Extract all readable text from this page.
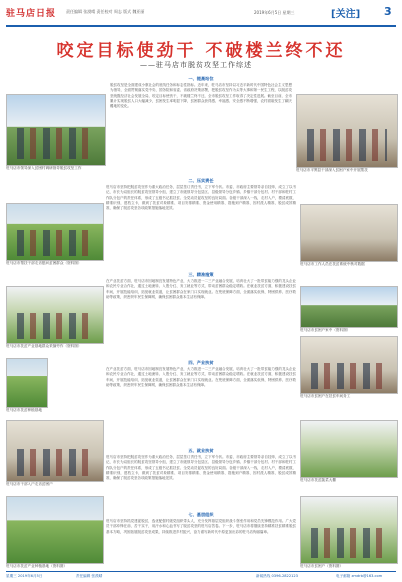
驻马店日报 责任编辑 张漠晴 责任校对 周志 版式 魏亚丽	2019年6月5日 星期三	[关注] 3
咬定目标使劲干 不破楼兰终不还
——驻马店市脱贫攻坚工作综述
驻马店市领导深入贫困村调研指导脱贫攻坚工作
一、提高站位
脱贫攻坚是全面建成小康社会的底线任务和标志性指标。近年来，驻马店市坚持以习近平新时代中国特色社会主义思想为指导，全面贯彻落实党中央、国务院和省委、省政府决策部署，把脱贫攻坚作为头等大事和第一民生工程，以脱贫攻坚统揽经济社会发展全局，咬定目标使劲干，不破楼兰终不还，全市脱贫攻坚工作取得了决定性进展。截至目前，全市累计实现脱贫人口大幅减少，贫困发生率明显下降，贫困群众获得感、幸福感、安全感不断增强，农村面貌发生了翻天覆地的变化。
驻马店市平舆县干部深入贫困户家中开展帮扶
二、压实责任
驻马店市坚持把脱贫攻坚作为重大政治任务，层层签订责任书，立下军令状。市委、市政府主要领导亲自挂帅，成立了以书记、市长为双组长的脱贫攻坚领导小组，建立了市级领导分包县区、县级领导分包乡镇、乡镇干部分包村、村干部和驻村工作队分包户的责任体系，形成了五级书记抓扶贫、全党动员促攻坚的良好局面。各级干部深入一线，走村入户，摸清底数，精准识别，建档立卡，做到了扶贫对象精准、项目安排精准、资金使用精准、措施到户精准、因村派人精准、脱贫成效精准，确保了脱贫攻坚各项政策措施落地见效。
驻马店市帮扶干部走访慰问贫困群众（资料图）	驻马店市工作人员在扶贫系统中核对数据
驻马店市扶贫产业基地群众采摘劳作（资料图）
三、精准施策
在产业扶贫方面，驻马店市因地制宜发展特色产业，大力推进一二三产业融合发展，培育壮大了一批带贫能力强的龙头企业和农民专业合作社，通过土地流转、入股分红、务工就业等方式，带动贫困群众稳定增收。在就业扶贫方面，积极建设扶贫车间，开展技能培训，拓宽就业渠道，让贫困群众在家门口实现就业。在兜底保障方面，全面落实低保、特困供养、医疗救助等政策，织密织牢民生保障网，确保贫困群众基本生活有保障。
驻马店市贫困户家中（资料图）
驻马店市贫困户在扶贫车间务工
驻马店市扶贫种植基地
四、产业扶贫
在产业扶贫方面，驻马店市因地制宜发展特色产业，大力推进一二三产业融合发展，培育壮大了一批带贫能力强的龙头企业和农民专业合作社，通过土地流转、入股分红、务工就业等方式，带动贫困群众稳定增收。在就业扶贫方面，积极建设扶贫车间，开展技能培训，拓宽就业渠道，让贫困群众在家门口实现就业。在兜底保障方面，全面落实低保、特困供养、医疗救助等政策，织密织牢民生保障网，确保贫困群众基本生活有保障。
驻马店市干部入户走访贫困户
驻马店市扶贫蔬菜大棚
五、就业扶贫
驻马店市坚持把脱贫攻坚作为重大政治任务，层层签订责任书，立下军令状。市委、市政府主要领导亲自挂帅，成立了以书记、市长为双组长的脱贫攻坚领导小组，建立了市级领导分包县区、县级领导分包乡镇、乡镇干部分包村、村干部和驻村工作队分包户的责任体系，形成了五级书记抓扶贫、全党动员促攻坚的良好局面。各级干部深入一线，走村入户，摸清底数，精准识别，建档立卡，做到了扶贫对象精准、项目安排精准、资金使用精准、措施到户精准、因村派人精准、脱贫成效精准，确保了脱贫攻坚各项政策措施落地见效。
驻马店市扶贫产业种植基地（资料图）
七、基层组织
驻马店市坚持抓党建促脱贫，选优配强村级党组织带头人，充分发挥基层党组织战斗堡垒作用和党员先锋模范作用。广大党员干部冲锋在前、苦干实干，用汗水和心血书写了脱贫攻坚的驻马店答卷。下一步，驻马店市将继续坚持精准扶贫精准脱贫基本方略，巩固拓展脱贫攻坚成果，持续推进乡村振兴，奋力谱写新时代中原更加出彩的驻马店绚丽篇章。
驻马店市贫困户（资料图）
星期三 2019年6月5日	责任编辑 张漠晴	新闻热线 0396-2822123	电子邮箱 zmdrb@163.com
